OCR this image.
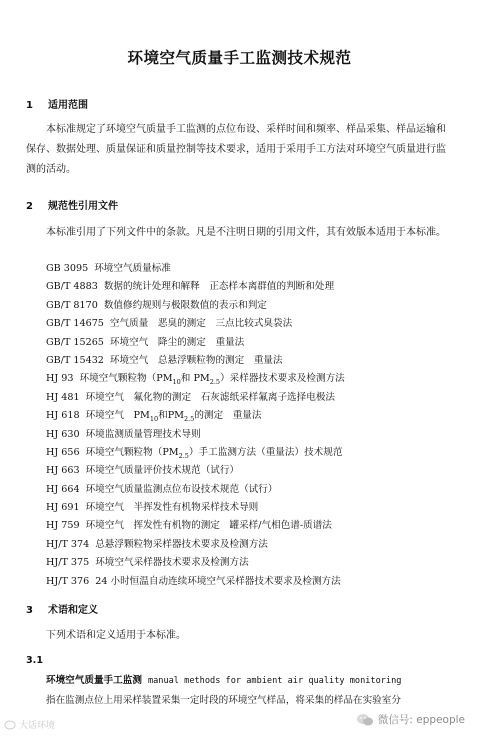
环境空气质量手工监测技术规范
1 适用范围

本标准规定了环境空气质量手工监测的点位布设、采样时间和频率、样品采集、样品运输和保存、数据处理、质量保证和质量控制等技术要求，适用于采用手工方法对环境空气质量进行监测的活动。

2 规范性引用文件

本标准引用了下列文件中的条款。凡是不注明日期的引用文件，其有效版本适用于本标准。

GB 3095 环境空气质量标准
GB/T 4883 数据的统计处理和解释　正态样本离群值的判断和处理
GB/T 8170 数值修约规则与极限数值的表示和判定
GB/T 14675 空气质量　恶臭的测定　三点比较式臭袋法
GB/T 15265 环境空气　降尘的测定　重量法
GB/T 15432 环境空气　总悬浮颗粒物的测定　重量法
HJ 93 环境空气颗粒物（$PM_{10}$和 $PM_{2.5}$）采样器技术要求及检测方法
HJ 481 环境空气　氟化物的测定　石灰滤纸采样氟离子选择电极法
HJ 618 环境空气　$PM_{10}$和$PM_{2.5}$的测定　重量法
HJ 630 环境监测质量管理技术导则
HJ 656 环境空气颗粒物$(PM_{2.5})$手工监测方法（重量法）技术规范
HJ 663 环境空气质量评价技术规范（试行）
HJ 664 环境空气质量监测点位布设技术规范（试行）
HJ 691 环境空气　半挥发性有机物采样技术导则
HJ 759 环境空气　挥发性有机物的测定　罐采样/气相色谱-质谱法
HJ/T 374 总悬浮颗粒物采样器技术要求及检测方法
HJ/T 375 环境空气采样器技术要求及检测方法
HJ/T 376 24 小时恒温自动连续环境空气采样器技术要求及检测方法
3 术语和定义

下列术语和定义适用于本标准。

3.1
环境空气质量手工监测 manual methods for ambient air quality monitoring
指在监测点位上用采样装置采集一定时段的环境空气样品，将采集的样品在实验室分
大话环境	微信号: eppeople
